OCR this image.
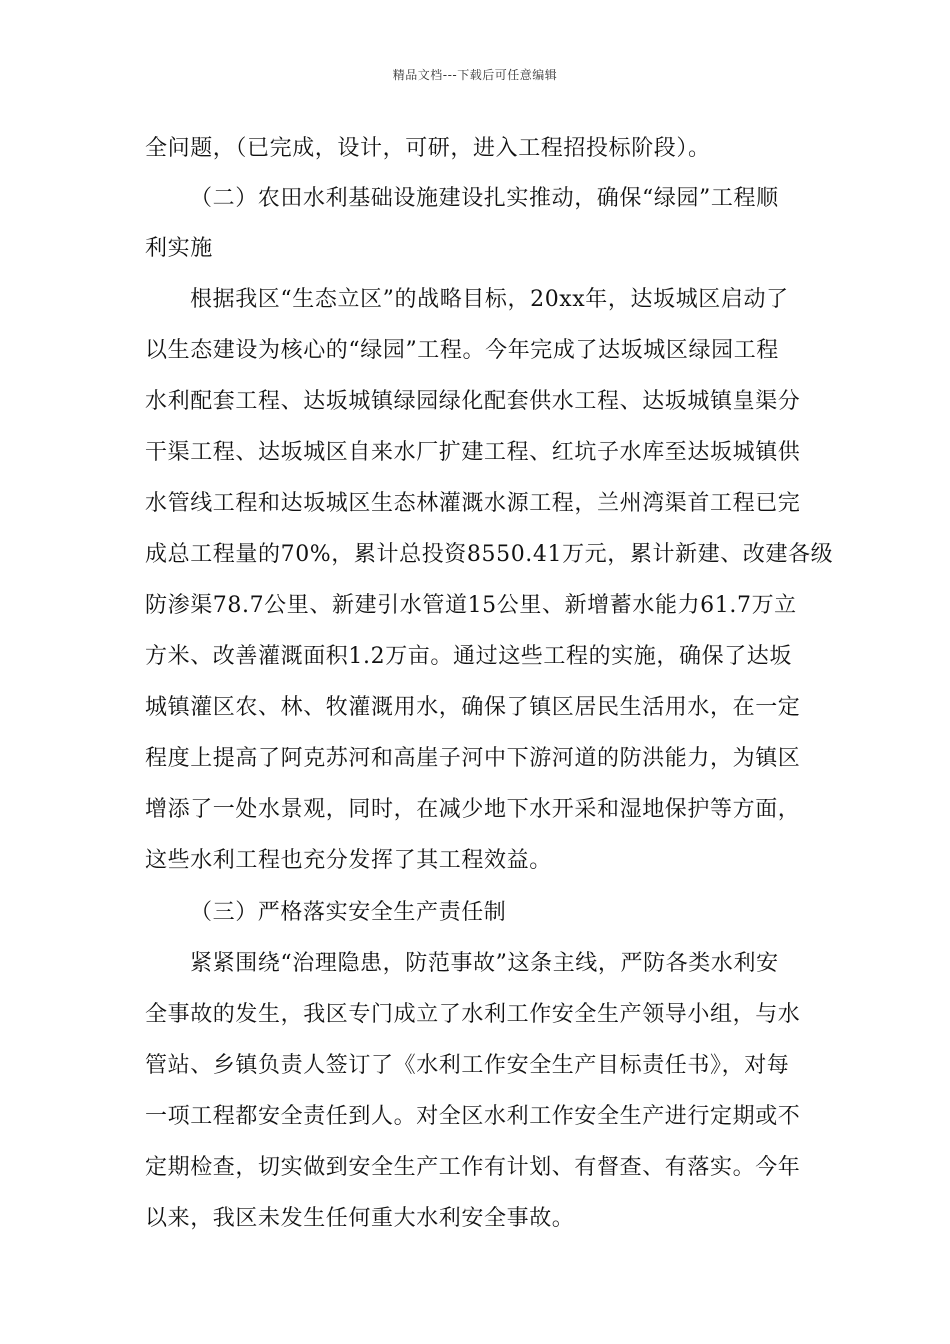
精品文档---下载后可任意编辑
全问题，（已完成，设计，可研，进入工程招投标阶段）。
（二）农田水利基础设施建设扎实推动，确保“绿园”工程顺
利实施
根据我区“生态立区”的战略目标，20xx年，达坂城区启动了
以生态建设为核心的“绿园”工程。今年完成了达坂城区绿园工程
水利配套工程、达坂城镇绿园绿化配套供水工程、达坂城镇皇渠分
干渠工程、达坂城区自来水厂扩建工程、红坑子水库至达坂城镇供
水管线工程和达坂城区生态林灌溉水源工程，兰州湾渠首工程已完
成总工程量的70%，累计总投资8550.41万元，累计新建、改建各级
防渗渠78.7公里、新建引水管道15公里、新增蓄水能力61.7万立
方米、改善灌溉面积1.2万亩。通过这些工程的实施，确保了达坂
城镇灌区农、林、牧灌溉用水，确保了镇区居民生活用水，在一定
程度上提高了阿克苏河和高崖子河中下游河道的防洪能力，为镇区
增添了一处水景观，同时，在减少地下水开采和湿地保护等方面，
这些水利工程也充分发挥了其工程效益。
（三）严格落实安全生产责任制
紧紧围绕“治理隐患，防范事故”这条主线，严防各类水利安
全事故的发生，我区专门成立了水利工作安全生产领导小组，与水
管站、乡镇负责人签订了《水利工作安全生产目标责任书》，对每
一项工程都安全责任到人。对全区水利工作安全生产进行定期或不
定期检查，切实做到安全生产工作有计划、有督查、有落实。今年
以来，我区未发生任何重大水利安全事故。
